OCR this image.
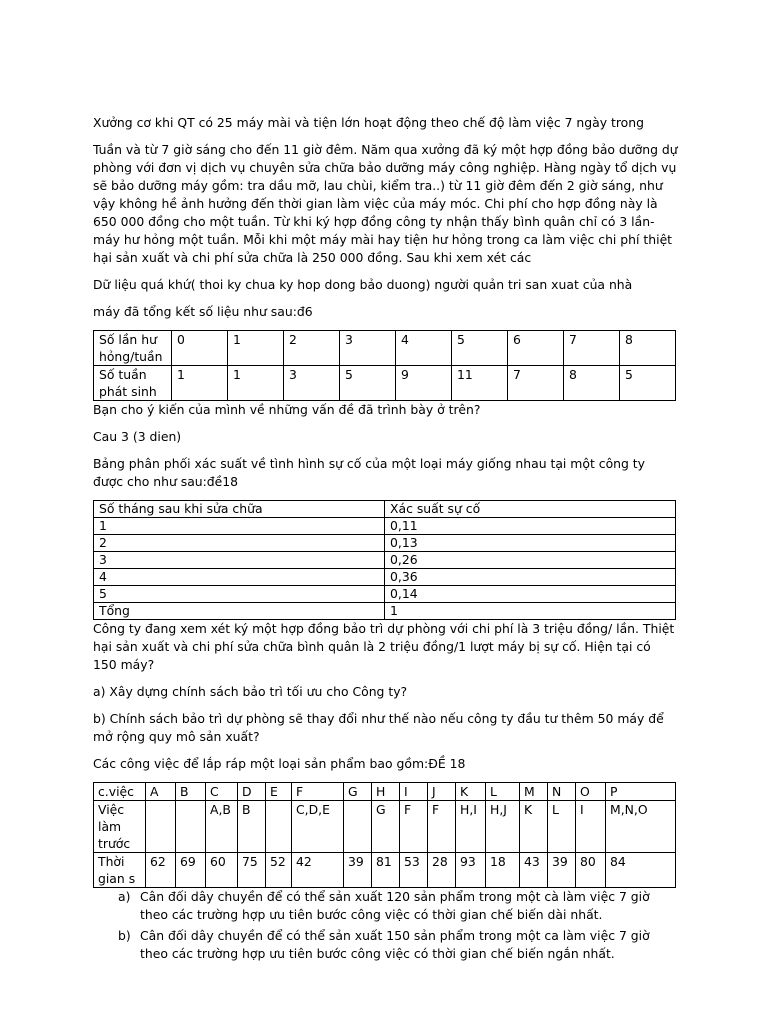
Xưởng cơ khi QT có 25 máy mài và tiện lớn hoạt động theo chế độ làm việc 7 ngày trong

Tuần và từ 7 giờ sáng cho đến 11 giờ đêm. Năm qua xưởng đã ký một hợp đồng bảo dưỡng dự phòng với đơn vị dịch vụ chuyên sửa chữa bảo dưỡng máy công nghiệp. Hàng ngày tổ dịch vụ sẽ bảo dưỡng máy gồm: tra dầu mỡ, lau chùi, kiểm tra..) từ 11 giờ đêm đến 2 giờ sáng, như vậy không hề ảnh hưởng đến thời gian làm việc của máy móc. Chi phí cho hợp đồng này là 650 000 đồng cho một tuần. Từ khi ký hợp đồng công ty nhận thấy bình quân chỉ có 3 lần-máy hư hỏng một tuần. Mỗi khi một máy mài hay tiện hư hỏng trong ca làm việc chi phí thiệt hại sản xuất và chi phí sửa chữa là 250 000 đồng. Sau khi xem xét các

Dữ liệu quá khứ( thoi ky chua ky hop dong bảo duong) người quản tri san xuat của nhà

máy đã tổng kết số liệu như sau:đ6

Số lần hư hỏng/tuần	0	1	2	3	4	5	6	7	8
Số tuần phát sinh	1	1	3	5	9	11	7	8	5

Bạn cho ý kiến của mình về những vấn đề đã trình bày ở trên?

Cau 3 (3 dien)

Bảng phân phối xác suất về tình hình sự cố của một loại máy giống nhau tại một công ty được cho như sau:đề18

Số tháng sau khi sửa chữa	Xác suất sự cố
1	0,11
2	0,13
3	0,26
4	0,36
5	0,14
Tổng	1

Công ty đang xem xét ký một hợp đồng bảo trì dự phòng với chi phí là 3 triệu đồng/ lần. Thiệt hại sản xuất và chi phí sửa chữa bình quân là 2 triệu đồng/1 lượt máy bị sự cố. Hiện tại có 150 máy?

a) Xây dựng chính sách bảo trì tối ưu cho Công ty?

b) Chính sách bảo trì dự phòng sẽ thay đổi như thế nào nếu công ty đầu tư thêm 50 máy để mở rộng quy mô sản xuất?

Các công việc để lắp ráp một loại sản phẩm bao gồm:ĐỀ 18

c.việc	A	B	C	D	E	F	G	H	I	J	K	L	M	N	O	P
Việc làm trước			A,B	B		C,D,E		G	F	F	H,I	H,J	K	L	I	M,N,O
Thời gian s	62	69	60	75	52	42	39	81	53	28	93	18	43	39	80	84
a) Cân đối dây chuyền để có thể sản xuất 120 sản phẩm trong một cà làm việc 7 giờ theo các trường hợp ưu tiên bước công việc có thời gian chế biến dài nhất.
b) Cân đối dây chuyền để có thể sản xuất 150 sản phẩm trong một ca làm việc 7 giờ theo các trường hợp ưu tiên bước công việc có thời gian chế biến ngắn nhất.
